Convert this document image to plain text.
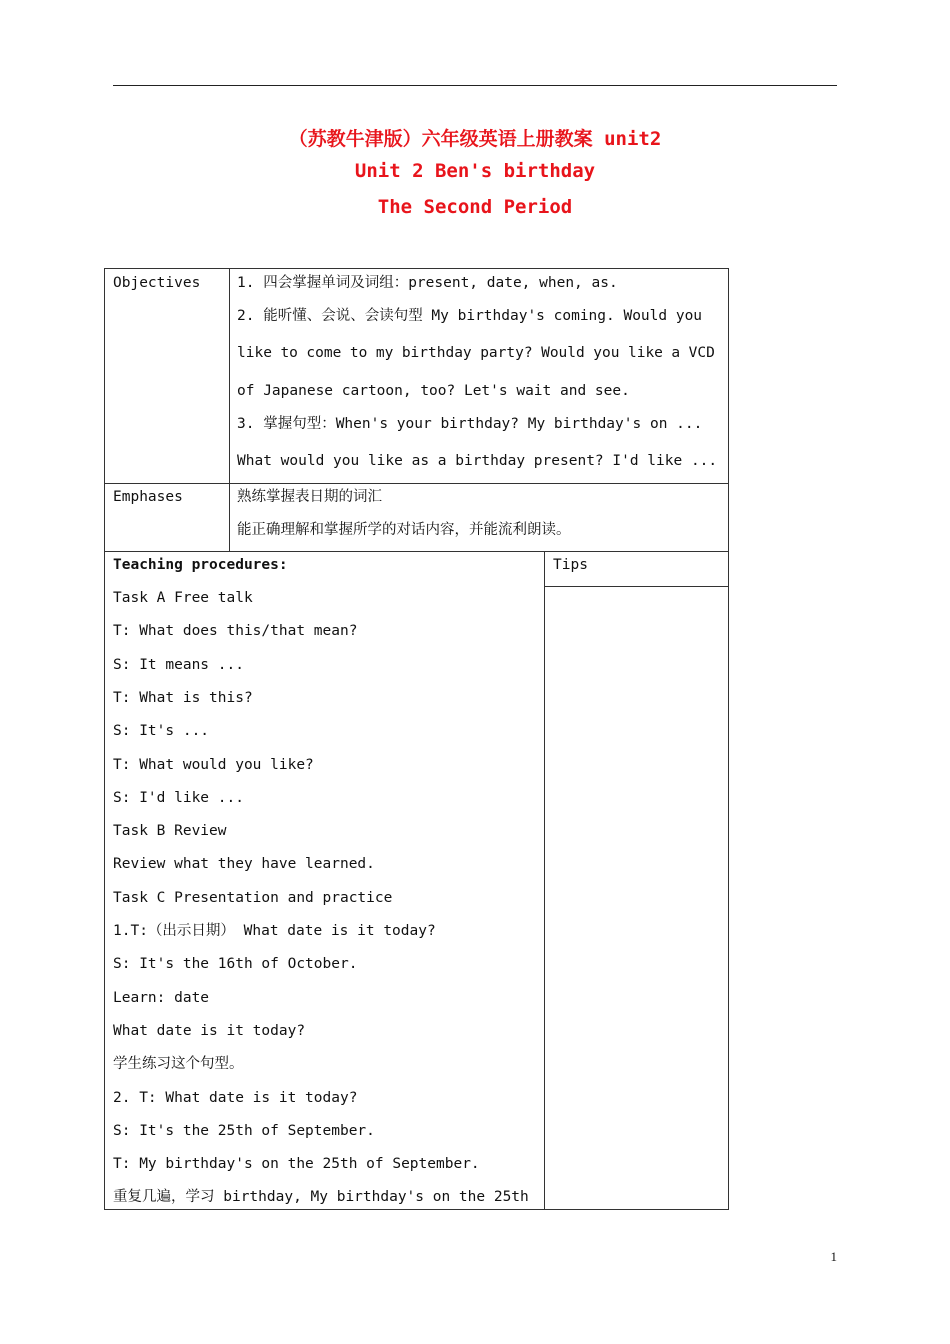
（苏教牛津版）六年级英语上册教案 unit2
Unit 2 Ben's birthday
The Second Period
Objectives	1. 四会掌握单词及词组：present, date, when, as.
2. 能听懂、会说、会读句型 My birthday's coming. Would you
like to come to my birthday party? Would you like a VCD
of Japanese cartoon, too? Let's wait and see.
3. 掌握句型：When's your birthday? My birthday's on ...
What would you like as a birthday present? I'd like ...
Emphases	熟练掌握表日期的词汇
能正确理解和掌握所学的对话内容，并能流利朗读。
Teaching procedures:	Tips
Task A Free talk
T: What does this/that mean?
S: It means ...
T: What is this?
S: It's ...
T: What would you like?
S: I'd like ...
Task B Review
Review what they have learned.
Task C Presentation and practice
1.T:（出示日期） What date is it today?
S: It's the 16th of October.
Learn: date
What date is it today?
学生练习这个句型。
2. T: What date is it today?
S: It's the 25th of September.
T: My birthday's on the 25th of September.
重复几遍，学习 birthday, My birthday's on the 25th
1
